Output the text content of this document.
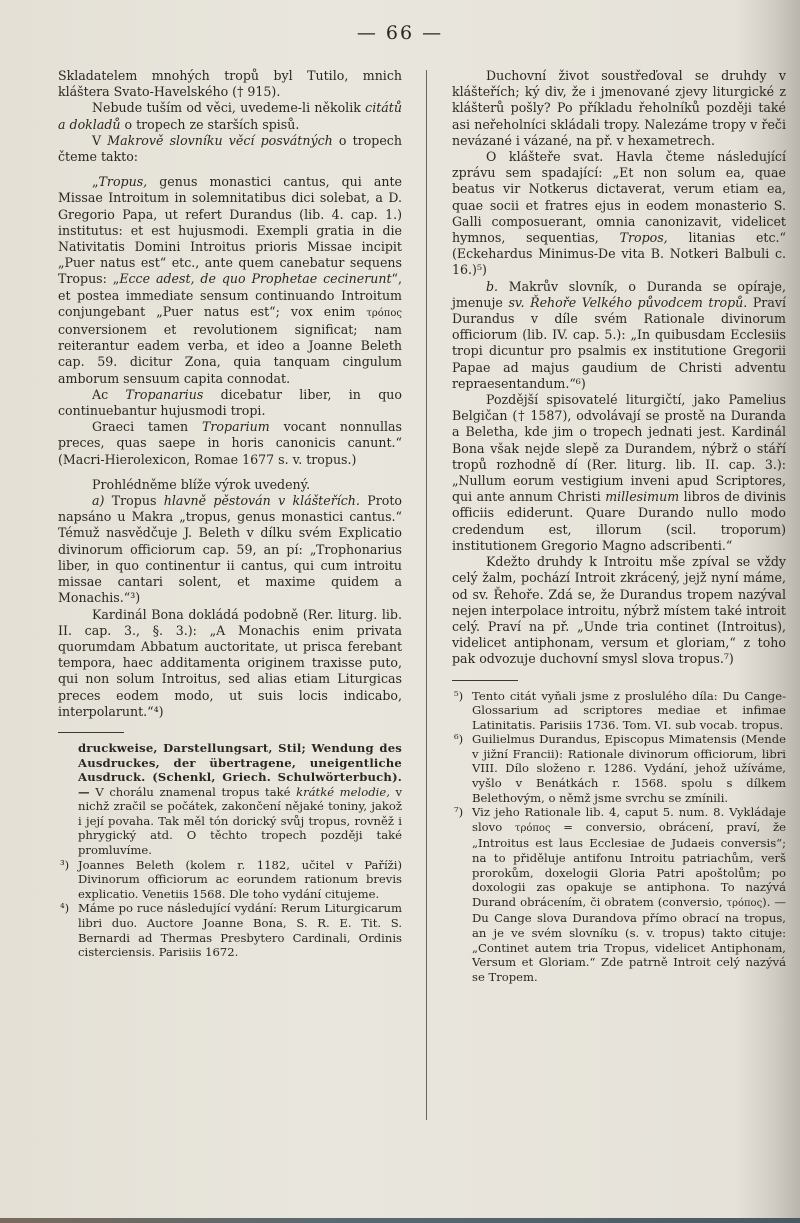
— 66 —

Skladatelem mnohých tropů byl Tutilo, mnich kláštera Svato-Havelského († 915).

Nebude tuším od věci, uvedeme-li několik citátů a dokladů o tropech ze starších spisů.

V Makrově slovníku věcí posvátných o tropech čteme takto:

„Tropus, genus monastici cantus, qui ante Missae Introitum in solemnitatibus dici solebat, a D. Gregorio Papa, ut refert Durandus (lib. 4. cap. 1.) institutus: et est hujusmodi. Exempli gratia in die Nativitatis Domini Introitus prioris Missae incipit „Puer natus est“ etc., ante quem canebatur sequens Tropus: „Ecce adest, de quo Prophetae cecinerunt“, et postea immediate sensum continuando Introitum conjungebant „Puer natus est“; vox enim τρόπος conversionem et revolutionem significat; nam reiterantur eadem verba, et ideo a Joanne Beleth cap. 59. dicitur Zona, quia tanquam cingulum amborum sensuum capita connodat.

Ac Tropanarius dicebatur liber, in quo continuebantur hujusmodi tropi.

Graeci tamen Troparium vocant nonnullas preces, quas saepe in horis canonicis canunt.“ (Macri-Hierolexicon, Romae 1677 s. v. tropus.)

Prohlédněme blíže výrok uvedený.

a) Tropus hlavně pěstován v klášteřích. Proto napsáno u Makra „tropus, genus monastici cantus.“ Témuž nasvědčuje J. Beleth v dílku svém Explicatio divinorum officiorum cap. 59, an pí: „Trophonarius liber, in quo continentur ii cantus, qui cum introitu missae cantari solent, et maxime quidem a Monachis.“³)

Kardinál Bona dokládá podobně (Rer. liturg. lib. II. cap. 3., §. 3.): „A Monachis enim privata quorumdam Abbatum auctoritate, ut prisca ferebant tempora, haec additamenta originem traxisse puto, qui non solum Introitus, sed alias etiam Liturgicas preces eodem modo, ut suis locis indicabo, interpolarunt.“⁴)

druckweise, Darstellungsart, Stil; Wendung des Ausdruckes, der übertragene, uneigentliche Ausdruck. (Schenkl, Griech. Schulwörterbuch). — V chorálu znamenal tropus také krátké melodie, v nichž zračil se počátek, zakončení nějaké toniny, jakož i její povaha. Tak měl tón dorický svůj tropus, rovněž i phrygický atd. O těchto tropech později také promluvíme.
³) Joannes Beleth (kolem r. 1182, učitel v Paříži) Divinorum officiorum ac eorundem rationum brevis explicatio. Venetiis 1568. Dle toho vydání citujeme.
⁴) Máme po ruce následující vydání: Rerum Liturgicarum libri duo. Auctore Joanne Bona, S. R. E. Tit. S. Bernardi ad Thermas Presbytero Cardinali, Ordinis cisterciensis. Parisiis 1672.

Duchovní život soustřeďoval se druhdy v klášteřích; ký div, že i jmenované zjevy liturgické z klášterů pošly? Po příkladu řeholníků později také asi neřeholníci skládali tropy. Nalezáme tropy v řeči nevázané i vázané, na př. v hexametrech.

O klášteře svat. Havla čteme následující zprávu sem spadající: „Et non solum ea, quae beatus vir Notkerus dictaverat, verum etiam ea, quae socii et fratres ejus in eodem monasterio S. Galli composuerant, omnia canonizavit, videlicet hymnos, sequentias, Tropos, litanias etc.“ (Eckehardus Minimus-De vita B. Notkeri Balbuli c. 16.)⁵)

b. Makrův slovník, o Duranda se opíraje, jmenuje sv. Řehoře Velkého původcem tropů. Praví Durandus v díle svém Rationale divinorum officiorum (lib. IV. cap. 5.): „In quibusdam Ecclesiis tropi dicuntur pro psalmis ex institutione Gregorii Papae ad majus gaudium de Christi adventu repraesentandum.“⁶)

Pozdější spisovatelé liturgičtí, jako Pamelius Belgičan († 1587), odvolávají se prostě na Duranda a Beletha, kde jim o tropech jednati jest. Kardinál Bona však nejde slepě za Durandem, nýbrž o stáří tropů rozhodně dí (Rer. liturg. lib. II. cap. 3.): „Nullum eorum vestigium inveni apud Scriptores, qui ante annum Christi millesimum libros de divinis officiis ediderunt. Quare Durando nullo modo credendum est, illorum (scil. troporum) institutionem Gregorio Magno adscribenti.“

Kdežto druhdy k Introitu mše zpíval se vždy celý žalm, pochází Introit zkrácený, jejž nyní máme, od sv. Řehoře. Zdá se, že Durandus tropem nazýval nejen interpolace introitu, nýbrž místem také introit celý. Praví na př. „Unde tria continet (Introitus), videlicet antiphonam, versum et gloriam,“ z toho pak odvozuje duchovní smysl slova tropus.⁷)

⁵) Tento citát vyňali jsme z proslulého díla: Du Cange-Glossarium ad scriptores mediae et infimae Latinitatis. Parisiis 1736. Tom. VI. sub vocab. tropus.
⁶) Guilielmus Durandus, Episcopus Mimatensis (Mende v jižní Francii): Rationale divinorum officiorum, libri VIII. Dílo složeno r. 1286. Vydání, jehož užíváme, vyšlo v Benátkách r. 1568. spolu s dílkem Belethovým, o němž jsme svrchu se zmínili.
⁷) Viz jeho Rationale lib. 4, caput 5. num. 8. Vykládaje slovo τρόπος = conversio, obrácení, praví, že „Introitus est laus Ecclesiae de Judaeis conversis“; na to přiděluje antifonu Introitu patriachům, verš prorokům, doxelogii Gloria Patri apoštolům; po doxologii zas opakuje se antiphona. To nazývá Durand obrácením, či obratem (conversio, τρόπος). — Du Cange slova Durandova přímo obrací na tropus, an je ve svém slovníku (s. v. tropus) takto cituje: „Continet autem tria Tropus, videlicet Antiphonam, Versum et Gloriam.“ Zde patrně Introit celý nazývá se Tropem.
